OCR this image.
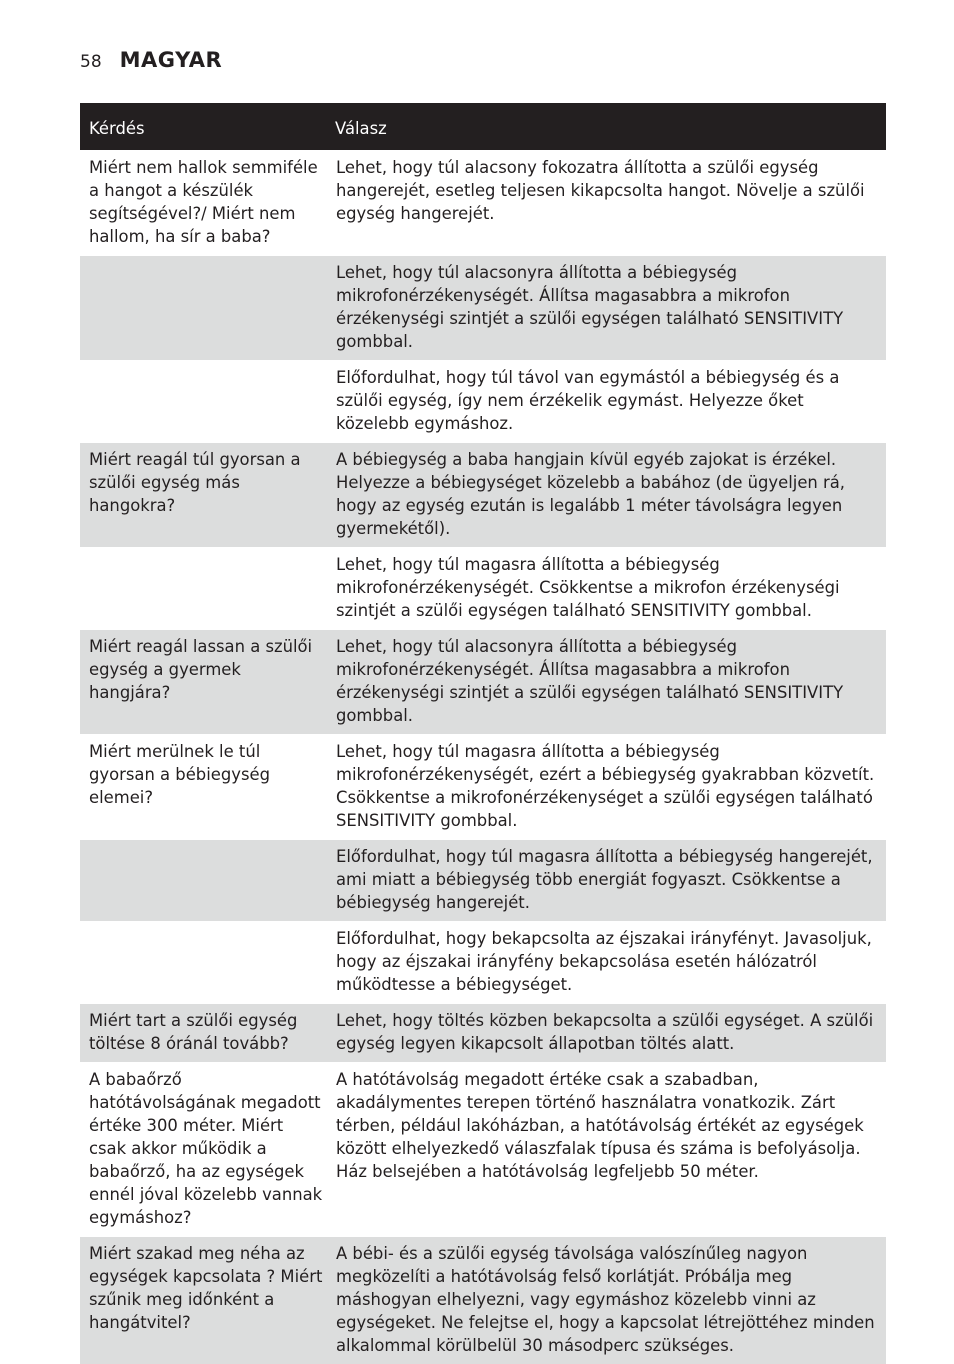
58 MAGYAR
Kérdés	Válasz
Miért nem hallok semmiféle a hangot a készülék segítségével?/ Miért nem hallom, ha sír a baba?	Lehet, hogy túl alacsony fokozatra állította a szülői egység hangerejét, esetleg teljesen kikapcsolta hangot. Növelje a szülői egység hangerejét.
	Lehet, hogy túl alacsonyra állította a bébiegység mikrofonérzékenységét. Állítsa magasabbra a mikrofon érzékenységi szintjét a szülői egységen található SENSITIVITY gombbal.
	Előfordulhat, hogy túl távol van egymástól a bébiegység és a szülői egység, így nem érzékelik egymást. Helyezze őket közelebb egymáshoz.
Miért reagál túl gyorsan a szülői egység más hangokra?	A bébiegység a baba hangjain kívül egyéb zajokat is érzékel. Helyezze a bébiegységet közelebb a babához (de ügyeljen rá, hogy az egység ezután is legalább 1 méter távolságra legyen gyermekétől).
	Lehet, hogy túl magasra állította a bébiegység mikrofonérzékenységét. Csökkentse a mikrofon érzékenységi szintjét a szülői egységen található SENSITIVITY gombbal.
Miért reagál lassan a szülői egység a gyermek hangjára?	Lehet, hogy túl alacsonyra állította a bébiegység mikrofonérzékenységét. Állítsa magasabbra a mikrofon érzékenységi szintjét a szülői egységen található SENSITIVITY gombbal.
Miért merülnek le túl gyorsan a bébiegység elemei?	Lehet, hogy túl magasra állította a bébiegység mikrofonérzékenységét, ezért a bébiegység gyakrabban közvetít. Csökkentse a mikrofonérzékenységet a szülői egységen található SENSITIVITY gombbal.
	Előfordulhat, hogy túl magasra állította a bébiegység hangerejét, ami miatt a bébiegység több energiát fogyaszt. Csökkentse a bébiegység hangerejét.
	Előfordulhat, hogy bekapcsolta az éjszakai irányfényt. Javasoljuk, hogy az éjszakai irányfény bekapcsolása esetén hálózatról működtesse a bébiegységet.
Miért tart a szülői egység töltése 8 óránál tovább?	Lehet, hogy töltés közben bekapcsolta a szülői egységet. A szülői egység legyen kikapcsolt állapotban töltés alatt.
A babaőrző hatótávolságának megadott értéke 300 méter. Miért csak akkor működik a babaőrző, ha az egységek ennél jóval közelebb vannak egymáshoz?	A hatótávolság megadott értéke csak a szabadban, akadálymentes terepen történő használatra vonatkozik. Zárt térben, például lakóházban, a hatótávolság értékét az egységek között elhelyezkedő válaszfalak típusa és száma is befolyásolja. Ház belsejében a hatótávolság legfeljebb 50 méter.
Miért szakad meg néha az egységek kapcsolata ? Miért szűnik meg időnként a hangátvitel?	A bébi- és a szülői egység távolsága valószínűleg nagyon megközelíti a hatótávolság felső korlátját. Próbálja meg máshogyan elhelyezni, vagy egymáshoz közelebb vinni az egységeket. Ne felejtse el, hogy a kapcsolat létrejöttéhez minden alkalommal körülbelül 30 másodperc szükséges.
